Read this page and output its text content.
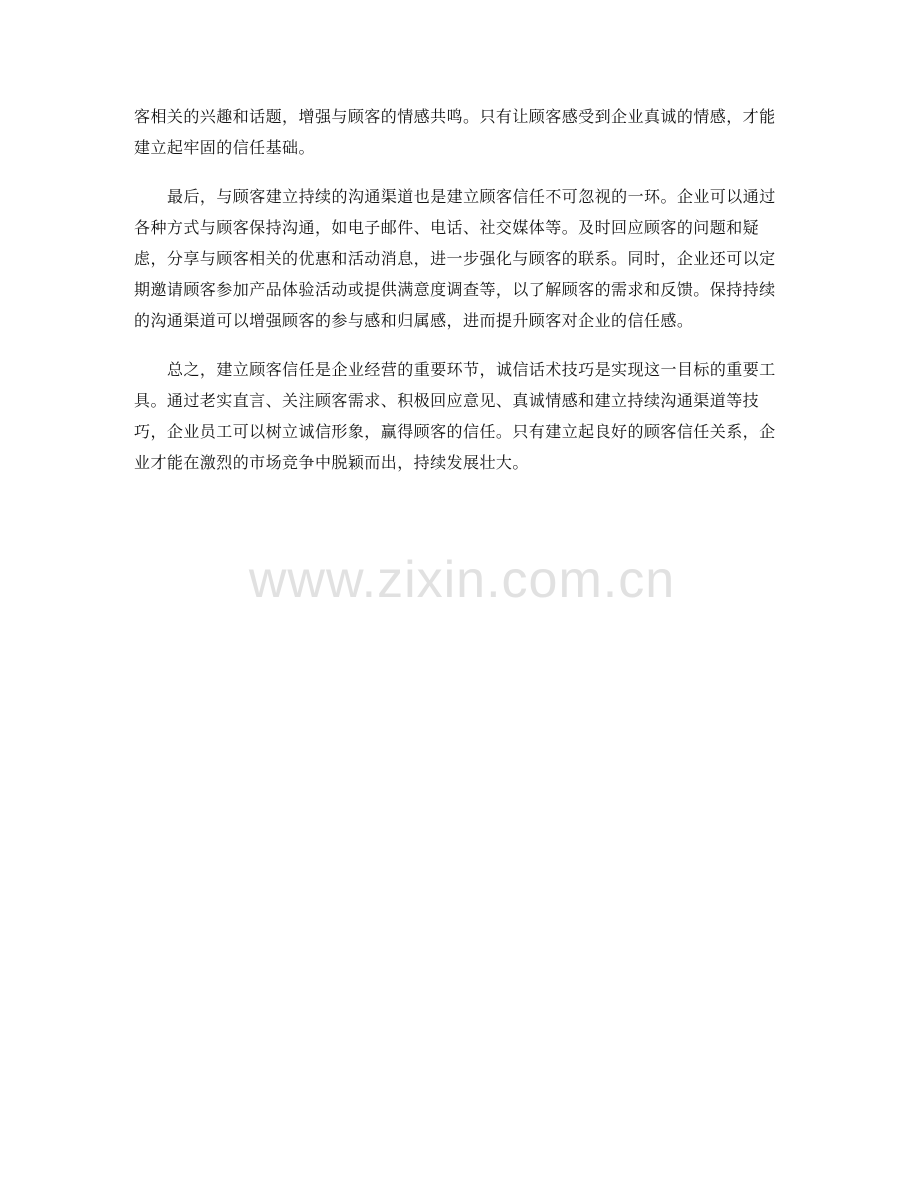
客相关的兴趣和话题，增强与顾客的情感共鸣。只有让顾客感受到企业真诚的情感，才能建立起牢固的信任基础。

最后，与顾客建立持续的沟通渠道也是建立顾客信任不可忽视的一环。企业可以通过各种方式与顾客保持沟通，如电子邮件、电话、社交媒体等。及时回应顾客的问题和疑虑，分享与顾客相关的优惠和活动消息，进一步强化与顾客的联系。同时，企业还可以定期邀请顾客参加产品体验活动或提供满意度调查等，以了解顾客的需求和反馈。保持持续的沟通渠道可以增强顾客的参与感和归属感，进而提升顾客对企业的信任感。

总之，建立顾客信任是企业经营的重要环节，诚信话术技巧是实现这一目标的重要工具。通过老实直言、关注顾客需求、积极回应意见、真诚情感和建立持续沟通渠道等技巧，企业员工可以树立诚信形象，赢得顾客的信任。只有建立起良好的顾客信任关系，企业才能在激烈的市场竞争中脱颖而出，持续发展壮大。

www.zixin.com.cn
